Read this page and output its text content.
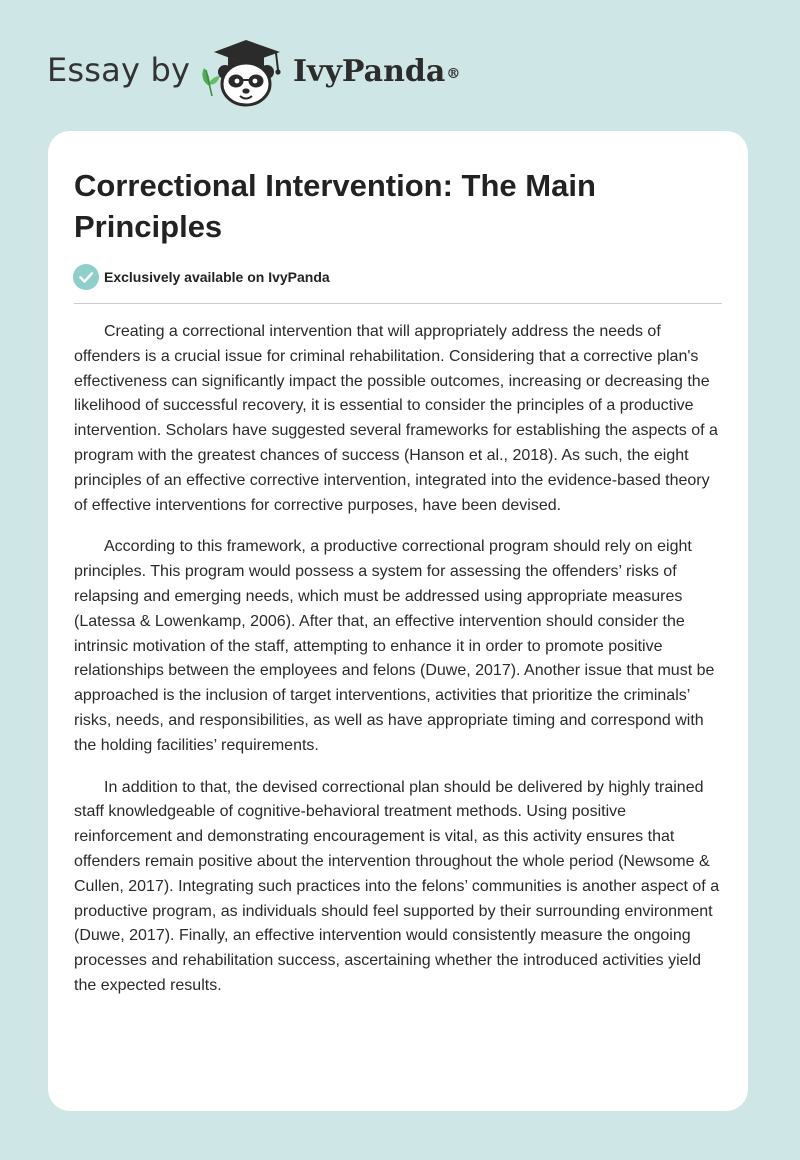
Essay by	IvyPanda®
Correctional Intervention: The Main Principles
Exclusively available on IvyPanda

Creating a correctional intervention that will appropriately address the needs of offenders is a crucial issue for criminal rehabilitation. Considering that a corrective plan's effectiveness can significantly impact the possible outcomes, increasing or decreasing the likelihood of successful recovery, it is essential to consider the principles of a productive intervention. Scholars have suggested several frameworks for establishing the aspects of a program with the greatest chances of success (Hanson et al., 2018). As such, the eight principles of an effective corrective intervention, integrated into the evidence-based theory of effective interventions for corrective purposes, have been devised.

According to this framework, a productive correctional program should rely on eight principles. This program would possess a system for assessing the offenders’ risks of relapsing and emerging needs, which must be addressed using appropriate measures (Latessa & Lowenkamp, 2006). After that, an effective intervention should consider the intrinsic motivation of the staff, attempting to enhance it in order to promote positive relationships between the employees and felons (Duwe, 2017). Another issue that must be approached is the inclusion of target interventions, activities that prioritize the criminals’ risks, needs, and responsibilities, as well as have appropriate timing and correspond with the holding facilities’ requirements.

In addition to that, the devised correctional plan should be delivered by highly trained staff knowledgeable of cognitive-behavioral treatment methods. Using positive reinforcement and demonstrating encouragement is vital, as this activity ensures that offenders remain positive about the intervention throughout the whole period (Newsome & Cullen, 2017). Integrating such practices into the felons’ communities is another aspect of a productive program, as individuals should feel supported by their surrounding environment (Duwe, 2017). Finally, an effective intervention would consistently measure the ongoing processes and rehabilitation success, ascertaining whether the introduced activities yield the expected results.
